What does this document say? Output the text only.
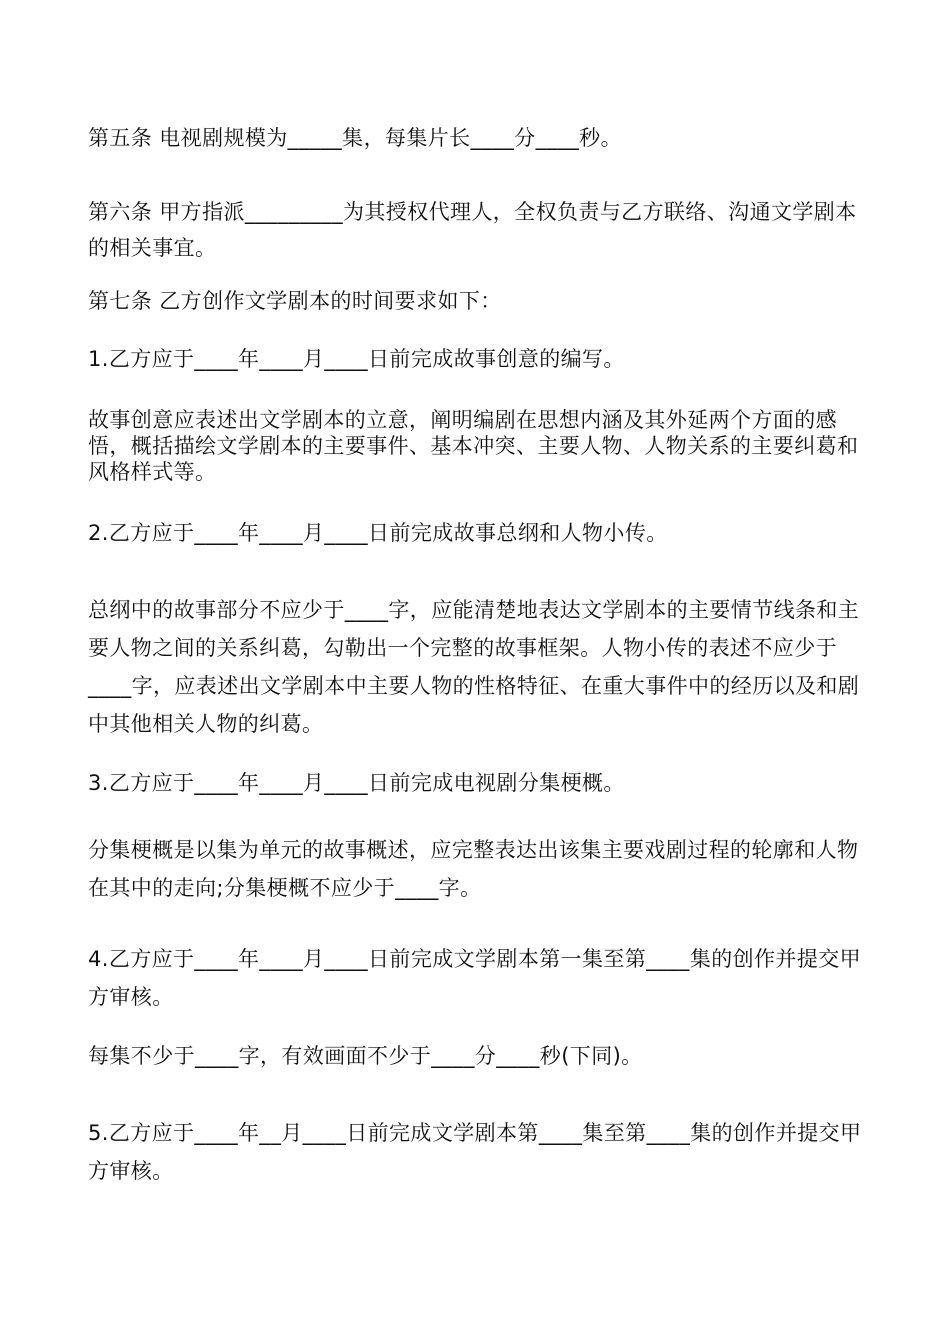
第五条 电视剧规模为_____集，每集片长____分____秒。

第六条 甲方指派_________为其授权代理人，全权负责与乙方联络、沟通文学剧本的相关事宜。

第七条 乙方创作文学剧本的时间要求如下：

1.乙方应于____年____月____日前完成故事创意的编写。

故事创意应表述出文学剧本的立意，阐明编剧在思想内涵及其外延两个方面的感悟，概括描绘文学剧本的主要事件、基本冲突、主要人物、人物关系的主要纠葛和风格样式等。

2.乙方应于____年____月____日前完成故事总纲和人物小传。

总纲中的故事部分不应少于____字，应能清楚地表达文学剧本的主要情节线条和主要人物之间的关系纠葛，勾勒出一个完整的故事框架。人物小传的表述不应少于____字，应表述出文学剧本中主要人物的性格特征、在重大事件中的经历以及和剧中其他相关人物的纠葛。

3.乙方应于____年____月____日前完成电视剧分集梗概。

分集梗概是以集为单元的故事概述，应完整表达出该集主要戏剧过程的轮廓和人物在其中的走向;分集梗概不应少于____字。

4.乙方应于____年____月____日前完成文学剧本第一集至第____集的创作并提交甲方审核。

每集不少于____字，有效画面不少于____分____秒(下同)。

5.乙方应于____年__月____日前完成文学剧本第____集至第____集的创作并提交甲方审核。
